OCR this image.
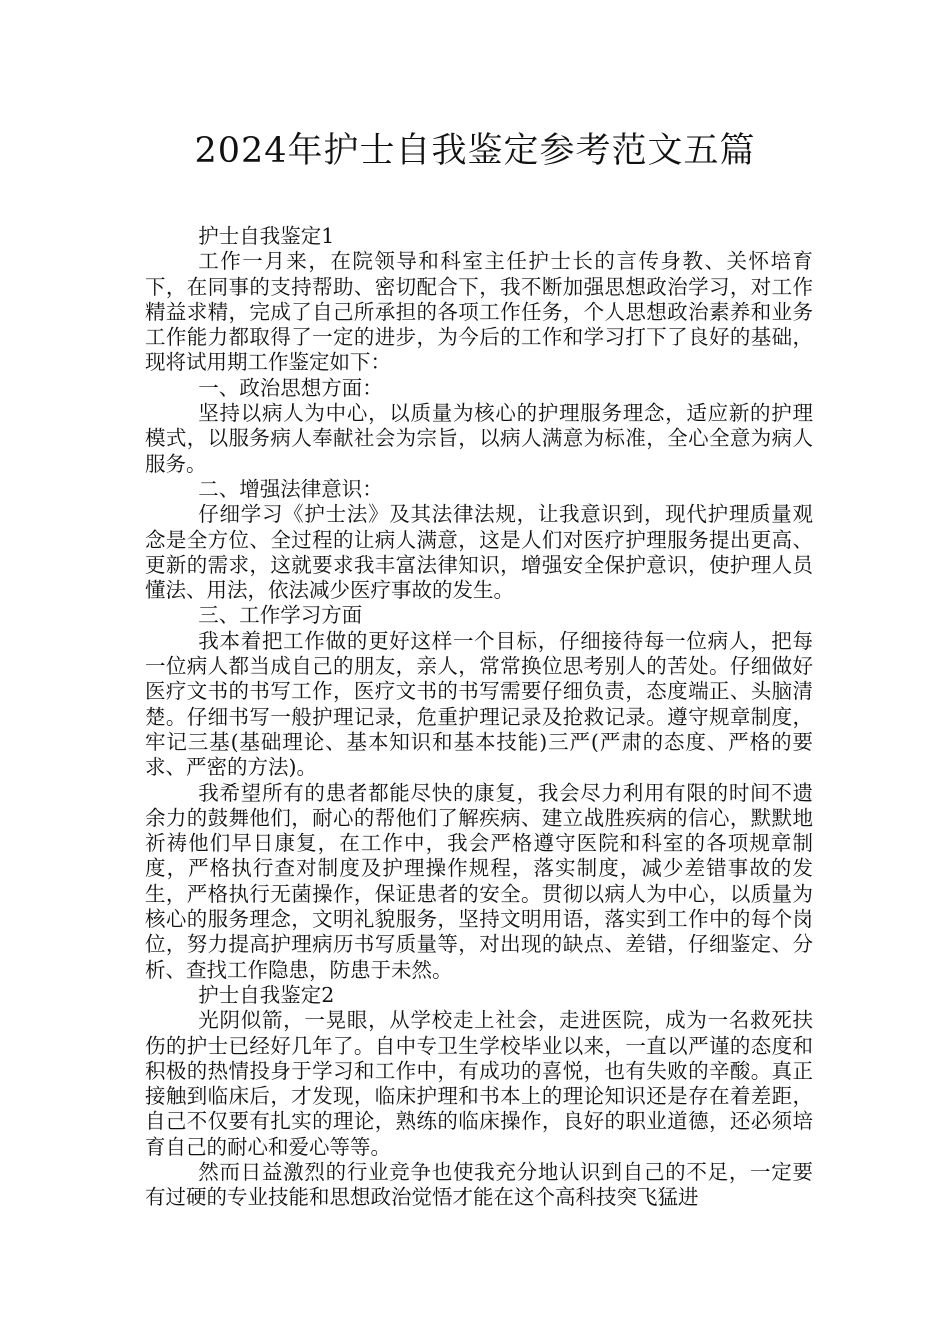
2024年护士自我鉴定参考范文五篇

护士自我鉴定1

工作一月来，在院领导和科室主任护士长的言传身教、关怀培育下，在同事的支持帮助、密切配合下，我不断加强思想政治学习，对工作精益求精，完成了自己所承担的各项工作任务，个人思想政治素养和业务工作能力都取得了一定的进步，为今后的工作和学习打下了良好的基础，现将试用期工作鉴定如下：

一、政治思想方面：

坚持以病人为中心，以质量为核心的护理服务理念，适应新的护理模式，以服务病人奉献社会为宗旨，以病人满意为标准，全心全意为病人服务。

二、增强法律意识：

仔细学习《护士法》及其法律法规，让我意识到，现代护理质量观念是全方位、全过程的让病人满意，这是人们对医疗护理服务提出更高、更新的需求，这就要求我丰富法律知识，增强安全保护意识，使护理人员懂法、用法，依法减少医疗事故的发生。

三、工作学习方面

我本着把工作做的更好这样一个目标，仔细接待每一位病人，把每一位病人都当成自己的朋友，亲人，常常换位思考别人的苦处。仔细做好医疗文书的书写工作，医疗文书的书写需要仔细负责，态度端正、头脑清楚。仔细书写一般护理记录，危重护理记录及抢救记录。遵守规章制度，牢记三基(基础理论、基本知识和基本技能)三严(严肃的态度、严格的要求、严密的方法)。

我希望所有的患者都能尽快的康复，我会尽力利用有限的时间不遗余力的鼓舞他们，耐心的帮他们了解疾病、建立战胜疾病的信心，默默地祈祷他们早日康复，在工作中，我会严格遵守医院和科室的各项规章制度，严格执行查对制度及护理操作规程，落实制度，减少差错事故的发生，严格执行无菌操作，保证患者的安全。贯彻以病人为中心，以质量为核心的服务理念，文明礼貌服务，坚持文明用语，落实到工作中的每个岗位，努力提高护理病历书写质量等，对出现的缺点、差错，仔细鉴定、分析、查找工作隐患，防患于未然。

护士自我鉴定2

光阴似箭，一晃眼，从学校走上社会，走进医院，成为一名救死扶伤的护士已经好几年了。自中专卫生学校毕业以来，一直以严谨的态度和积极的热情投身于学习和工作中，有成功的喜悦，也有失败的辛酸。真正接触到临床后，才发现，临床护理和书本上的理论知识还是存在着差距，自己不仅要有扎实的理论，熟练的临床操作，良好的职业道德，还必须培育自己的耐心和爱心等等。

然而日益激烈的行业竞争也使我充分地认识到自己的不足，一定要有过硬的专业技能和思想政治觉悟才能在这个高科技突飞猛进
